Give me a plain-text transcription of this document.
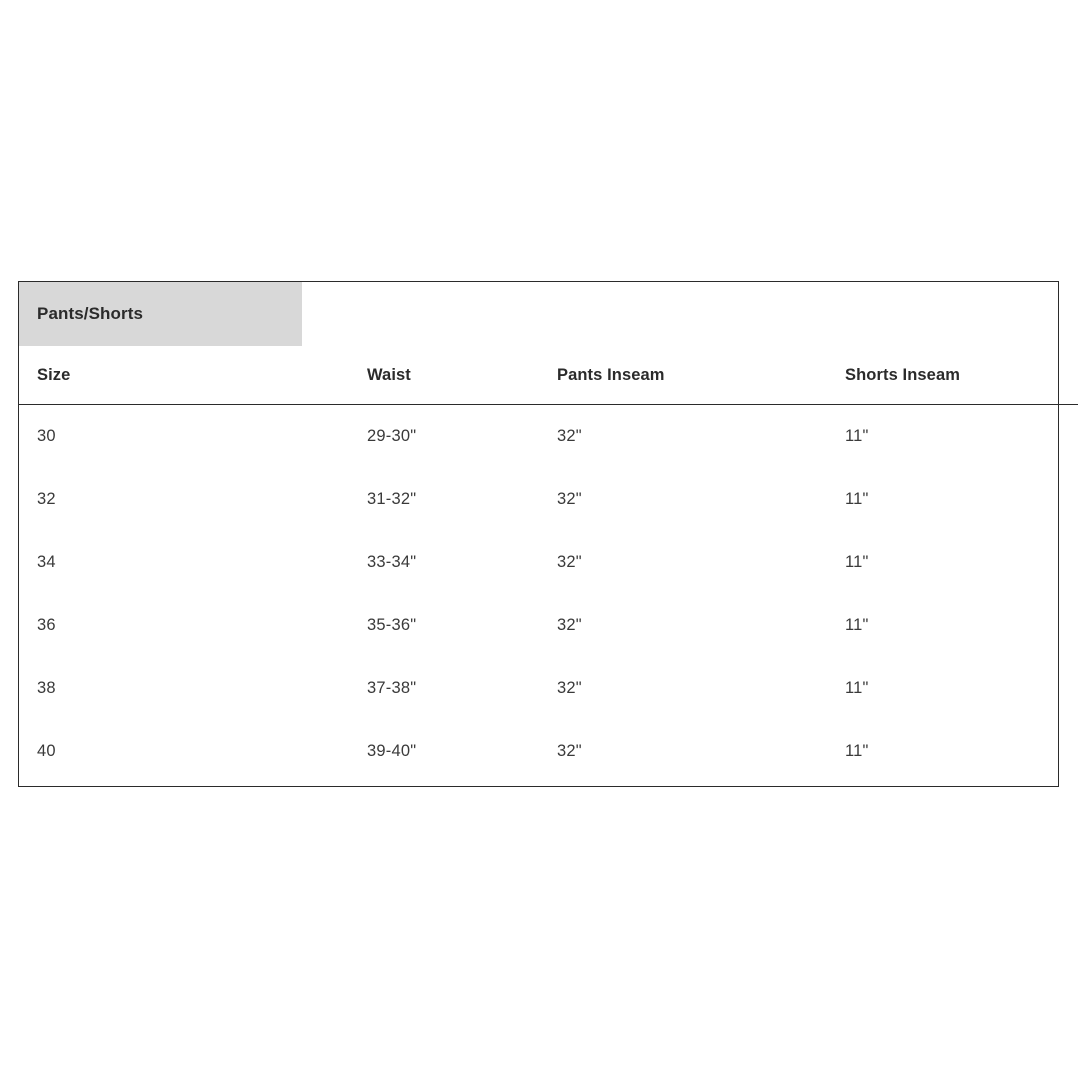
Pants/Shorts
Size	Waist	Pants Inseam	Shorts Inseam
30	29-30"	32"	11"
32	31-32"	32"	11"
34	33-34"	32"	11"
36	35-36"	32"	11"
38	37-38"	32"	11"
40	39-40"	32"	11"
